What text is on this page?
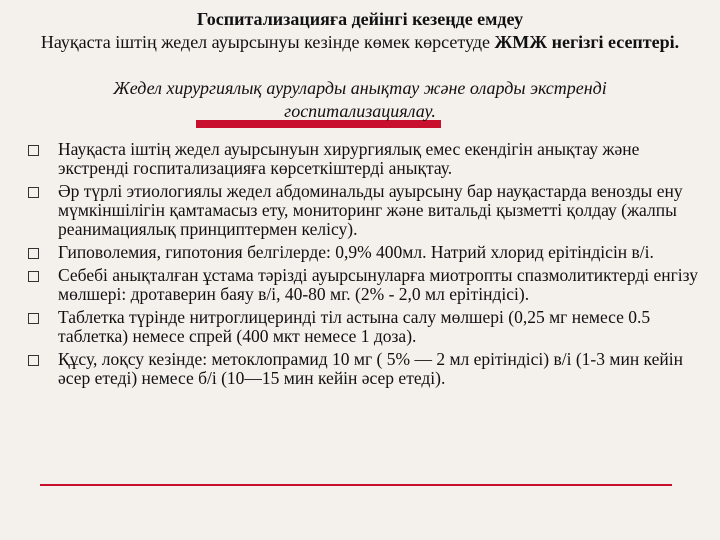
Госпитализацияға дейінгі кезеңде емдеу
Науқаста іштің жедел ауырсынуы кезінде көмек көрсетуде ЖМЖ негізгі есептері.
Жедел хирургиялық ауруларды анықтау және оларды экстренді госпитализациялау.
Науқаста іштің жедел ауырсынуын хирургиялық емес екендігін анықтау және экстренді госпитализацияға көрсеткіштерді анықтау.
Әр түрлі этиологиялы жедел абдоминальды ауырсыну бар науқастарда венозды ену мүмкіншілігін қамтамасыз ету, мониторинг және витальді қызметті қолдау (жалпы реанимациялық принциптермен келісу).
Гиповолемия, гипотония белгілерде: 0,9% 400мл. Натрий хлорид ерітіндісін в/і.
Себебі анықталған ұстама тәрізді ауырсынуларға миотропты спазмолитиктерді енгізу мөлшері: дротаверин баяу в/і, 40-80 мг. (2% - 2,0 мл ерітіндісі).
Таблетка түрінде нитроглицеринді тіл астына салу мөлшері (0,25 мг немесе 0.5 таблетка) немесе спрей (400 мкт немесе 1 доза).
Құсу, лоқсу кезінде: метоклопрамид 10 мг ( 5% — 2 мл ерітіндісі) в/і (1-3 мин кейін әсер етеді) немесе б/і (10—15 мин кейін әсер етеді).
